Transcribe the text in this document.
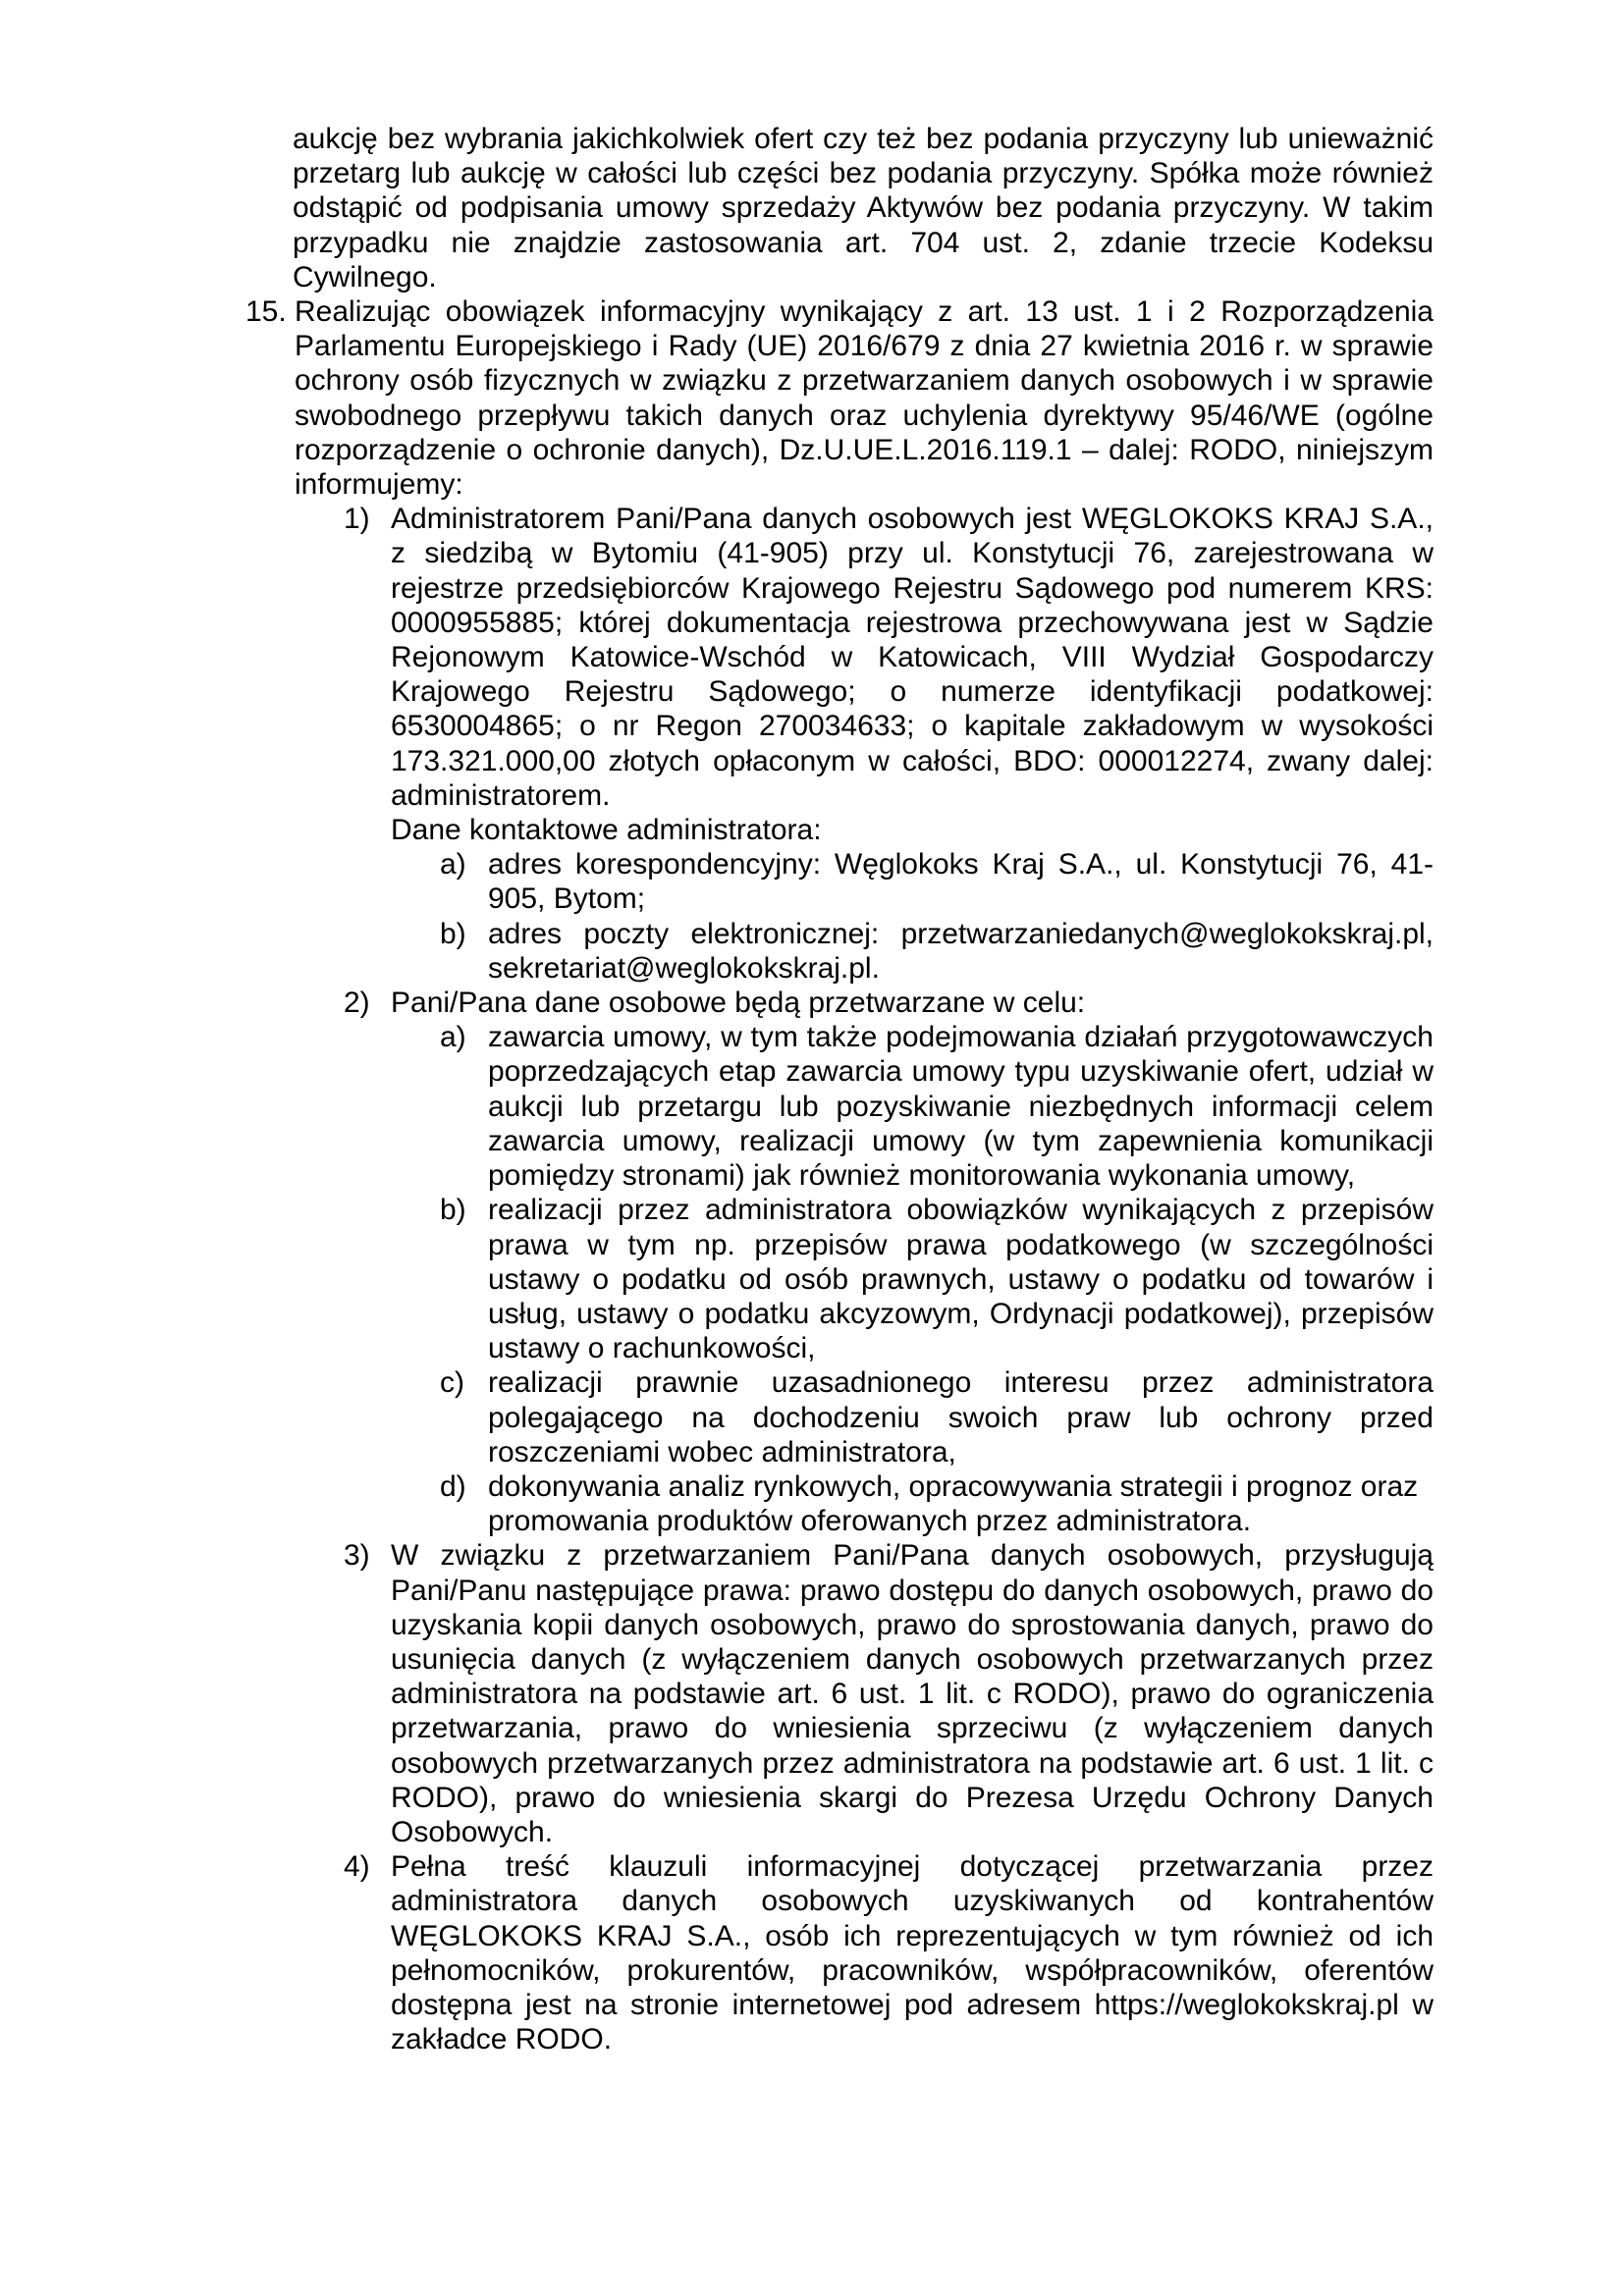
aukcję bez wybrania jakichkolwiek ofert czy też bez podania przyczyny lub unieważnić przetarg lub aukcję w całości lub części bez podania przyczyny. Spółka może również odstąpić od podpisania umowy sprzedaży Aktywów bez podania przyczyny. W takim przypadku nie znajdzie zastosowania art. 704 ust. 2, zdanie trzecie Kodeksu Cywilnego.

15. Realizując obowiązek informacyjny wynikający z art. 13 ust. 1 i 2 Rozporządzenia Parlamentu Europejskiego i Rady (UE) 2016/679 z dnia 27 kwietnia 2016 r. w sprawie ochrony osób fizycznych w związku z przetwarzaniem danych osobowych i w sprawie swobodnego przepływu takich danych oraz uchylenia dyrektywy 95/46/WE (ogólne rozporządzenie o ochronie danych), Dz.U.UE.L.2016.119.1 – dalej: RODO, niniejszym informujemy:

1) Administratorem Pani/Pana danych osobowych jest WĘGLOKOKS KRAJ S.A., z siedzibą w Bytomiu (41-905) przy ul. Konstytucji 76, zarejestrowana w rejestrze przedsiębiorców Krajowego Rejestru Sądowego pod numerem KRS: 0000955885; której dokumentacja rejestrowa przechowywana jest w Sądzie Rejonowym Katowice-Wschód w Katowicach, VIII Wydział Gospodarczy Krajowego Rejestru Sądowego; o numerze identyfikacji podatkowej: 6530004865; o nr Regon 270034633; o kapitale zakładowym w wysokości 173.321.000,00 złotych opłaconym w całości, BDO: 000012274, zwany dalej: administratorem.

Dane kontaktowe administratora:

a) adres korespondencyjny: Węglokoks Kraj S.A., ul. Konstytucji 76, 41-905, Bytom;

b) adres poczty elektronicznej: przetwarzaniedanych@weglokokskraj.pl, sekretariat@weglokokskraj.pl.

2) Pani/Pana dane osobowe będą przetwarzane w celu:

a) zawarcia umowy, w tym także podejmowania działań przygotowawczych poprzedzających etap zawarcia umowy typu uzyskiwanie ofert, udział w aukcji lub przetargu lub pozyskiwanie niezbędnych informacji celem zawarcia umowy, realizacji umowy (w tym zapewnienia komunikacji pomiędzy stronami) jak również monitorowania wykonania umowy,

b) realizacji przez administratora obowiązków wynikających z przepisów prawa w tym np. przepisów prawa podatkowego (w szczególności ustawy o podatku od osób prawnych, ustawy o podatku od towarów i usług, ustawy o podatku akcyzowym, Ordynacji podatkowej), przepisów ustawy o rachunkowości,

c) realizacji prawnie uzasadnionego interesu przez administratora polegającego na dochodzeniu swoich praw lub ochrony przed roszczeniami wobec administratora,

d) dokonywania analiz rynkowych, opracowywania strategii i prognoz oraz promowania produktów oferowanych przez administratora.

3) W związku z przetwarzaniem Pani/Pana danych osobowych, przysługują Pani/Panu następujące prawa: prawo dostępu do danych osobowych, prawo do uzyskania kopii danych osobowych, prawo do sprostowania danych, prawo do usunięcia danych (z wyłączeniem danych osobowych przetwarzanych przez administratora na podstawie art. 6 ust. 1 lit. c RODO), prawo do ograniczenia przetwarzania, prawo do wniesienia sprzeciwu (z wyłączeniem danych osobowych przetwarzanych przez administratora na podstawie art. 6 ust. 1 lit. c RODO), prawo do wniesienia skargi do Prezesa Urzędu Ochrony Danych Osobowych.

4) Pełna treść klauzuli informacyjnej dotyczącej przetwarzania przez administratora danych osobowych uzyskiwanych od kontrahentów WĘGLOKOKS KRAJ S.A., osób ich reprezentujących w tym również od ich pełnomocników, prokurentów, pracowników, współpracowników, oferentów dostępna jest na stronie internetowej pod adresem https://weglokokskraj.pl w zakładce RODO.
